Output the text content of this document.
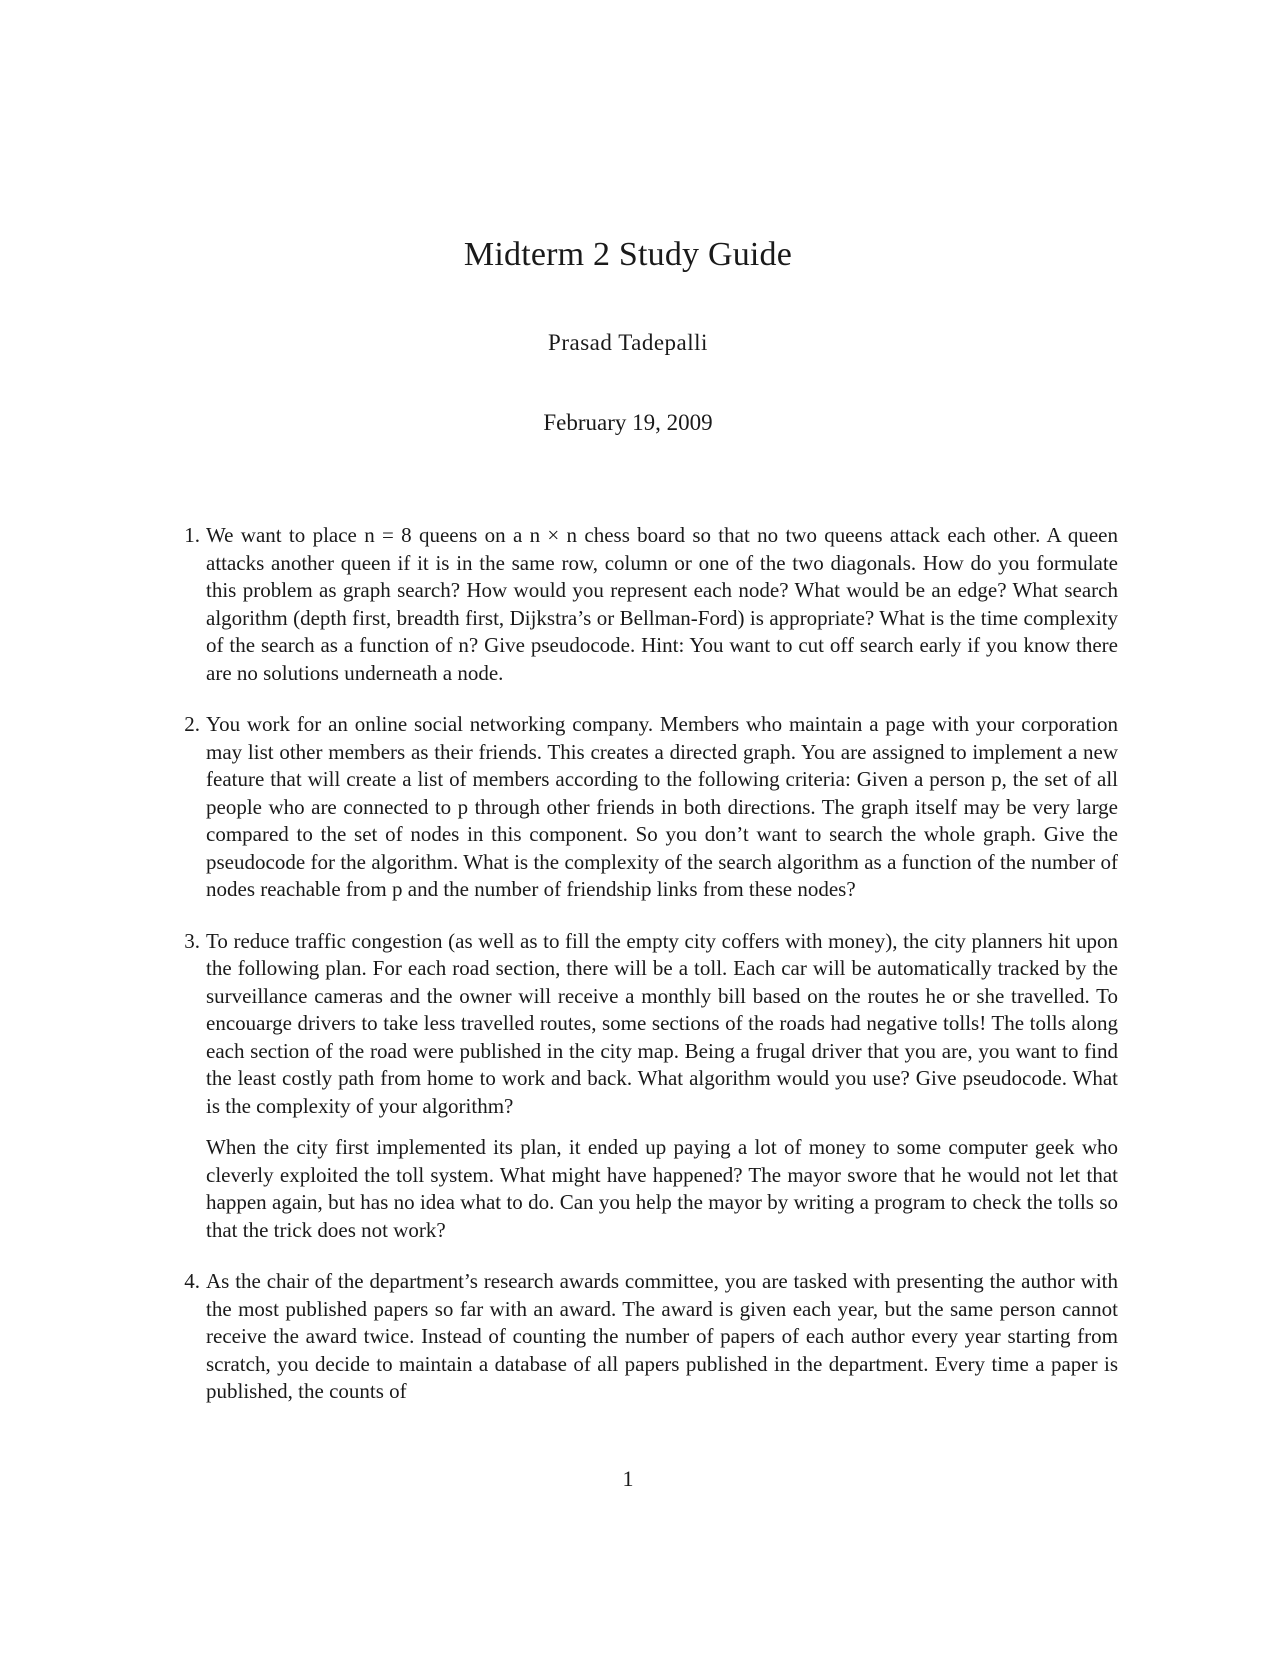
Midterm 2 Study Guide
Prasad Tadepalli
February 19, 2009
1. We want to place n = 8 queens on a n × n chess board so that no two queens attack each other. A queen attacks another queen if it is in the same row, column or one of the two diagonals. How do you formulate this problem as graph search? How would you represent each node? What would be an edge? What search algorithm (depth first, breadth first, Dijkstra’s or Bellman-Ford) is appropriate? What is the time complexity of the search as a function of n? Give pseudocode. Hint: You want to cut off search early if you know there are no solutions underneath a node.

2. You work for an online social networking company. Members who maintain a page with your corporation may list other members as their friends. This creates a directed graph. You are assigned to implement a new feature that will create a list of members according to the following criteria: Given a person p, the set of all people who are connected to p through other friends in both directions. The graph itself may be very large compared to the set of nodes in this component. So you don’t want to search the whole graph. Give the pseudocode for the algorithm. What is the complexity of the search algorithm as a function of the number of nodes reachable from p and the number of friendship links from these nodes?

3. To reduce traffic congestion (as well as to fill the empty city coffers with money), the city planners hit upon the following plan. For each road section, there will be a toll. Each car will be automatically tracked by the surveillance cameras and the owner will receive a monthly bill based on the routes he or she travelled. To encouarge drivers to take less travelled routes, some sections of the roads had negative tolls! The tolls along each section of the road were published in the city map. Being a frugal driver that you are, you want to find the least costly path from home to work and back. What algorithm would you use? Give pseudocode. What is the complexity of your algorithm?

When the city first implemented its plan, it ended up paying a lot of money to some computer geek who cleverly exploited the toll system. What might have happened? The mayor swore that he would not let that happen again, but has no idea what to do. Can you help the mayor by writing a program to check the tolls so that the trick does not work?

4. As the chair of the department’s research awards committee, you are tasked with presenting the author with the most published papers so far with an award. The award is given each year, but the same person cannot receive the award twice. Instead of counting the number of papers of each author every year starting from scratch, you decide to maintain a database of all papers published in the department. Every time a paper is published, the counts of

1
